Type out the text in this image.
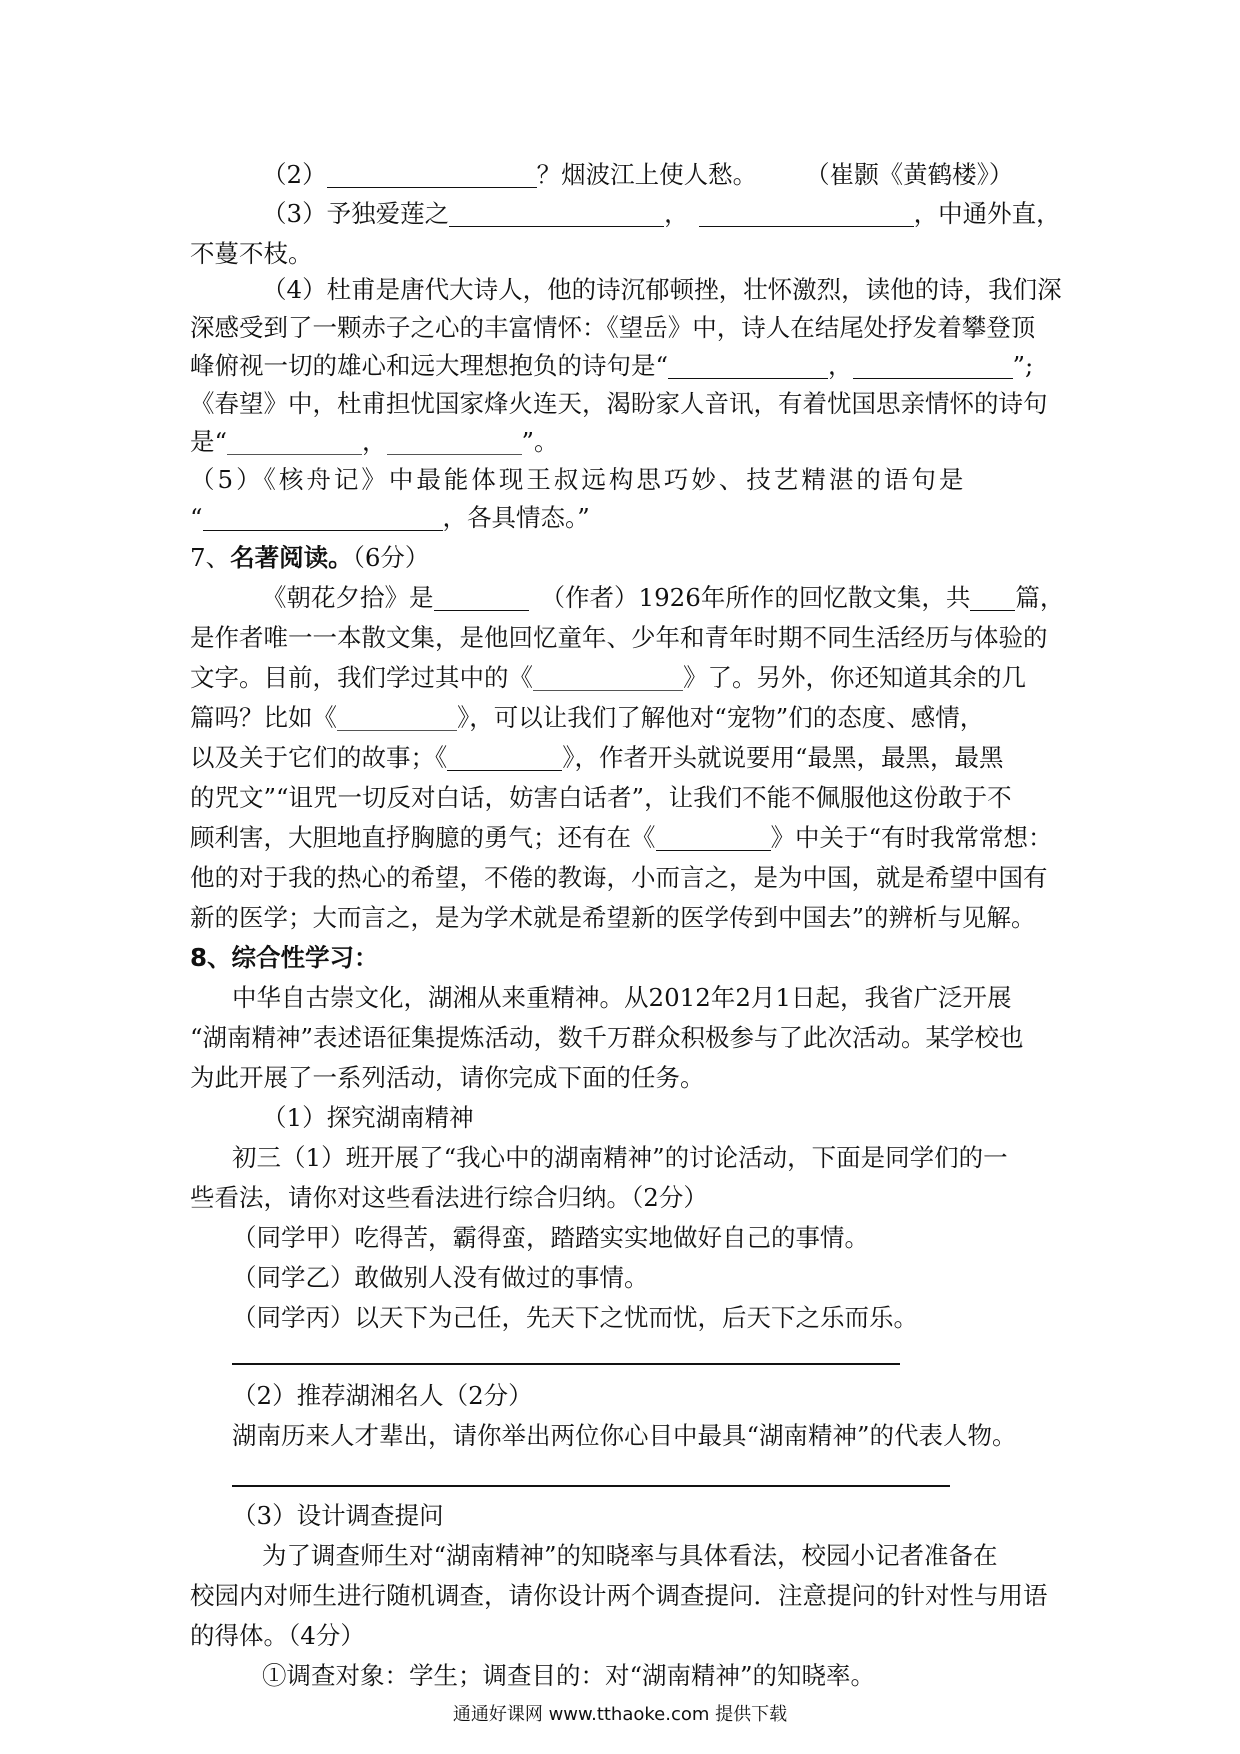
（2）	？烟波江上使人愁。 （崔颢《黄鹤楼》）
（3）予独爱莲之	，	，中通外直，
不蔓不枝。
（4）杜甫是唐代大诗人，他的诗沉郁顿挫，壮怀激烈，读他的诗，我们深
深感受到了一颗赤子之心的丰富情怀：《望岳》中，诗人在结尾处抒发着攀登顶
峰俯视一切的雄心和远大理想抱负的诗句是“	，	”;
《春望》中，杜甫担忧国家烽火连天，渴盼家人音讯，有着忧国思亲情怀的诗句
是“	，	”。
（5）《核舟记》中最能体现王叔远构思巧妙、技艺精湛的语句是
“	，各具情态。”
7、名著阅读。（6分）
《朝花夕拾》是	（作者）1926年所作的回忆散文集，共 篇，
是作者唯一一本散文集，是他回忆童年、少年和青年时期不同生活经历与体验的
文字。目前，我们学过其中的《	》了。另外，你还知道其余的几
篇吗？比如《	》，可以让我们了解他对“宠物”们的态度、感情，
以及关于它们的故事；《	》，作者开头就说要用“最黑，最黑，最黑
的咒文”“诅咒一切反对白话，妨害白话者”，让我们不能不佩服他这份敢于不
顾利害，大胆地直抒胸臆的勇气；还有在《	》中关于“有时我常常想：
他的对于我的热心的希望，不倦的教诲，小而言之，是为中国，就是希望中国有
新的医学；大而言之，是为学术就是希望新的医学传到中国去”的辨析与见解。
8、综合性学习：
中华自古崇文化，湖湘从来重精神。从2012年2月1日起，我省广泛开展
“湖南精神”表述语征集提炼活动，数千万群众积极参与了此次活动。某学校也
为此开展了一系列活动，请你完成下面的任务。
（1）探究湖南精神
初三（1）班开展了“我心中的湖南精神”的讨论活动，下面是同学们的一
些看法，请你对这些看法进行综合归纳。（2分）
（同学甲）吃得苦，霸得蛮，踏踏实实地做好自己的事情。
（同学乙）敢做别人没有做过的事情。
（同学丙）以天下为己任，先天下之忧而忧，后天下之乐而乐。
（2）推荐湖湘名人（2分）
湖南历来人才辈出，请你举出两位你心目中最具“湖南精神”的代表人物。
（3）设计调查提问
为了调查师生对“湖南精神”的知晓率与具体看法，校园小记者准备在
校园内对师生进行随机调查，请你设计两个调查提问．注意提问的针对性与用语
的得体。（4分）
①调查对象：学生；调查目的：对“湖南精神”的知晓率。
通通好课网 www.tthaoke.com 提供下载
